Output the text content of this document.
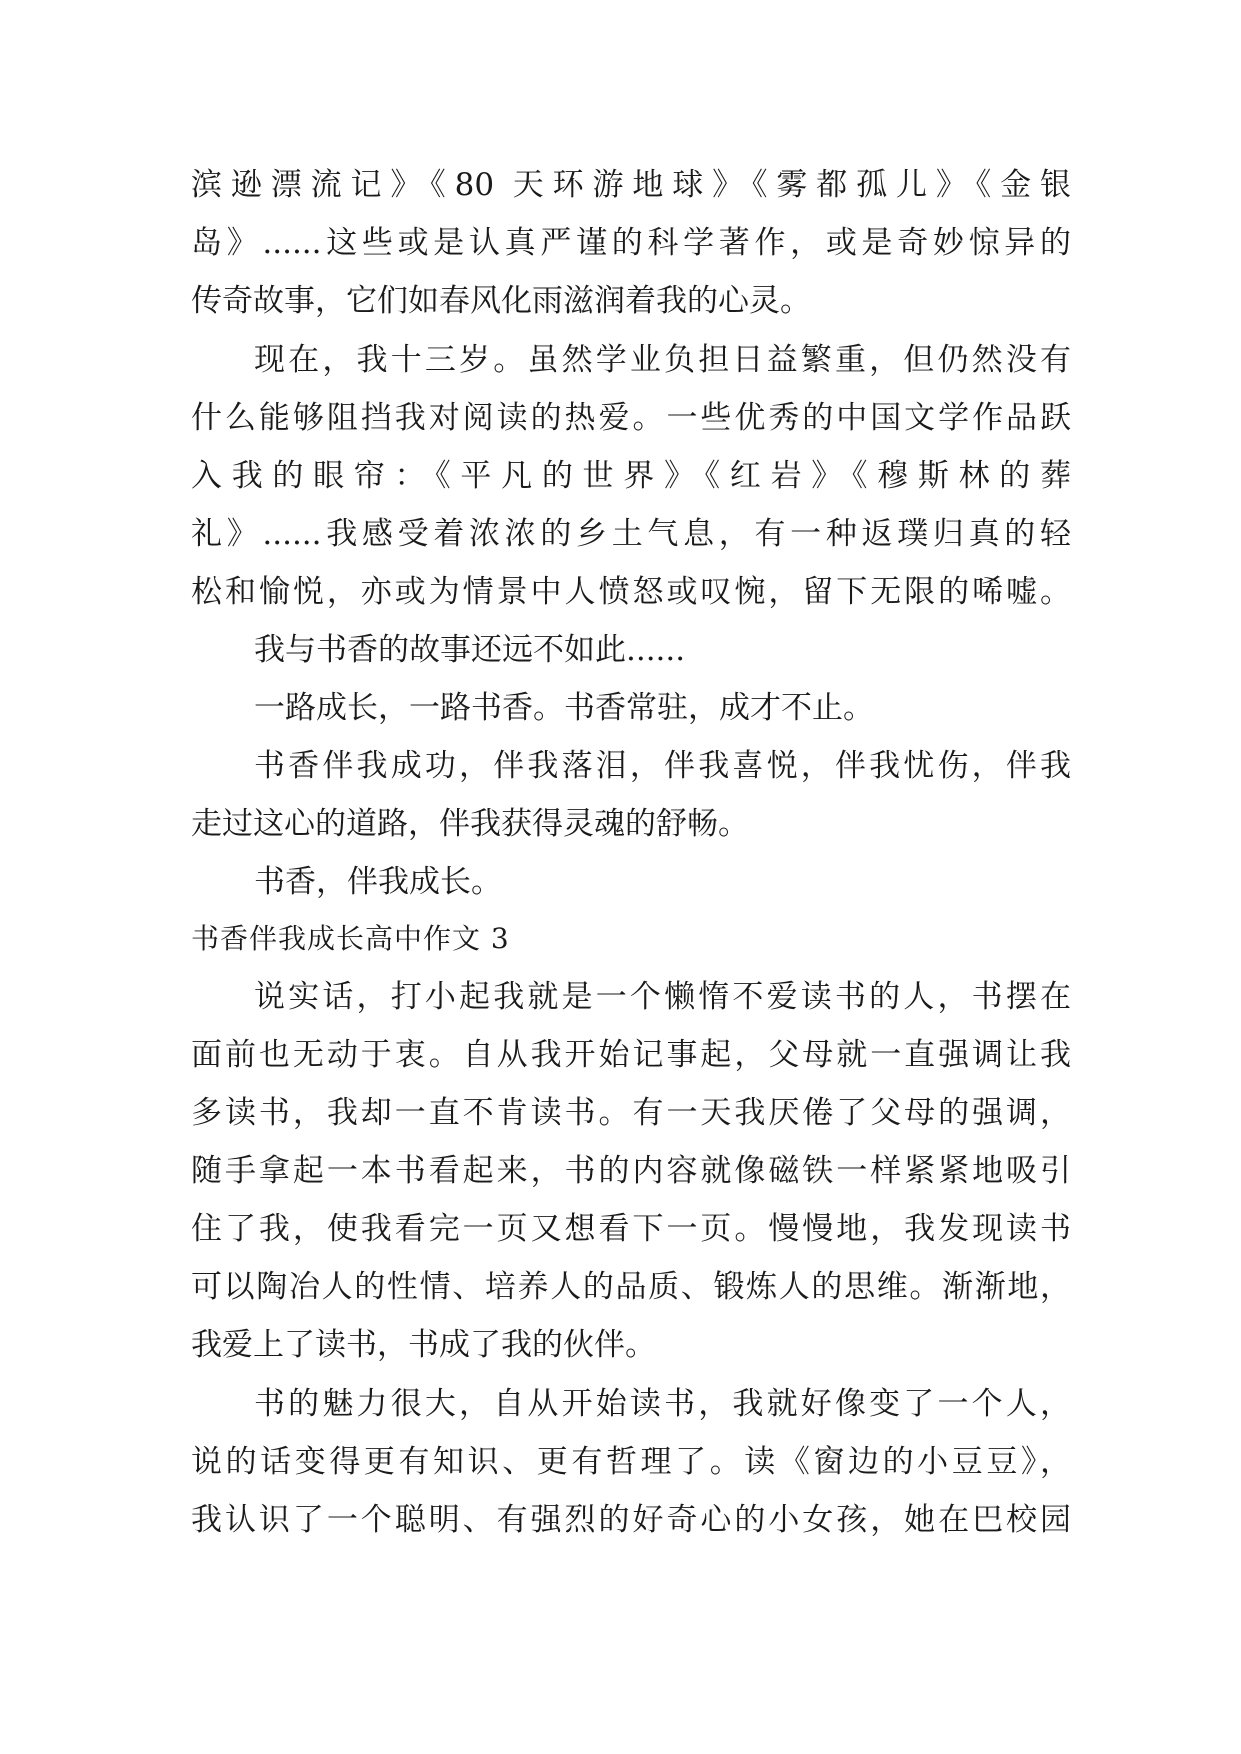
滨逊漂流记》《80 天环游地球》《雾都孤儿》《金银
岛》......这些或是认真严谨的科学著作，或是奇妙惊异的
传奇故事，它们如春风化雨滋润着我的心灵。
现在，我十三岁。虽然学业负担日益繁重，但仍然没有
什么能够阻挡我对阅读的热爱。一些优秀的中国文学作品跃
入我的眼帘：《平凡的世界》《红岩》《穆斯林的葬
礼》......我感受着浓浓的乡土气息，有一种返璞归真的轻
松和愉悦，亦或为情景中人愤怒或叹惋，留下无限的唏嘘。
我与书香的故事还远不如此......
一路成长，一路书香。书香常驻，成才不止。
书香伴我成功，伴我落泪，伴我喜悦，伴我忧伤，伴我
走过这心的道路，伴我获得灵魂的舒畅。
书香，伴我成长。
书香伴我成长高中作文 3
说实话，打小起我就是一个懒惰不爱读书的人，书摆在
面前也无动于衷。自从我开始记事起，父母就一直强调让我
多读书，我却一直不肯读书。有一天我厌倦了父母的强调，
随手拿起一本书看起来，书的内容就像磁铁一样紧紧地吸引
住了我，使我看完一页又想看下一页。慢慢地，我发现读书
可以陶冶人的性情、培养人的品质、锻炼人的思维。渐渐地，
我爱上了读书，书成了我的伙伴。
书的魅力很大，自从开始读书，我就好像变了一个人，
说的话变得更有知识、更有哲理了。读《窗边的小豆豆》，
我认识了一个聪明、有强烈的好奇心的小女孩，她在巴校园
